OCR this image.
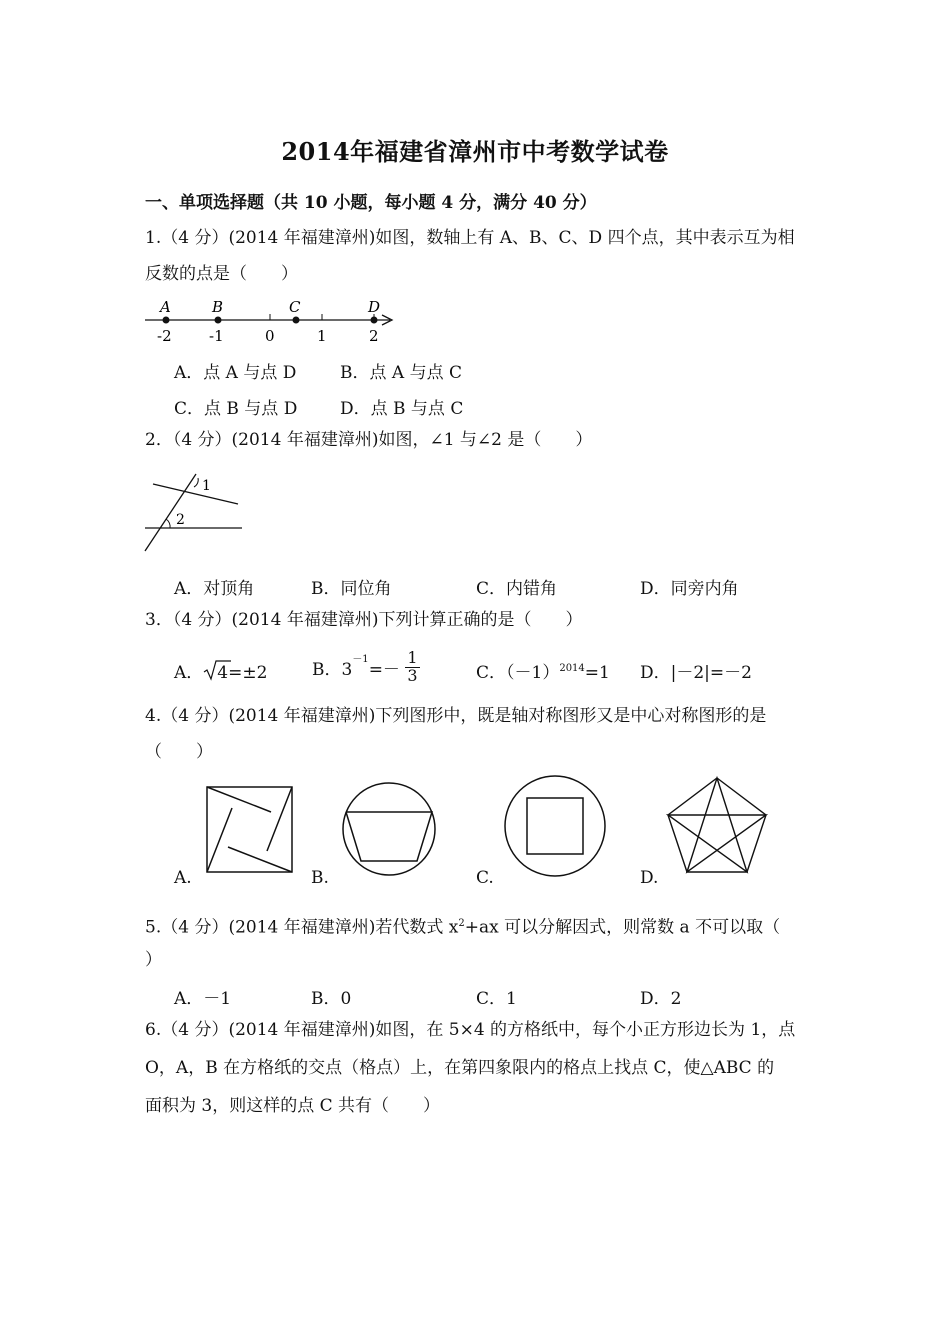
2014年福建省漳州市中考数学试卷
一、单项选择题（共 10 小题，每小题 4 分，满分 40 分）
1.（4 分）(2014 年福建漳州)如图，数轴上有 A、B、C、D 四个点，其中表示互为相
反数的点是（　　）
A	B	C	D
-2 -1	0	1	2
A．点 A 与点 D	B．点 A 与点 C
C．点 B 与点 D	D．点 B 与点 C
2．（4 分）(2014 年福建漳州)如图，∠1 与∠2 是（　　）
1
2
A．对顶角	B．同位角	C．内错角	D．同旁内角
3．（4 分）(2014 年福建漳州)下列计算正确的是（　　）
A． 4=±2	B．$3^{-1}=- \frac{1}{3}$	C．$(-1)^{2014}=1$ D．|－2|=－2
4.（4 分）(2014 年福建漳州)下列图形中，既是轴对称图形又是中心对称图形的是
（　　）
A.	B.	C.	D.
5.（4 分）(2014 年福建漳州)若代数式 $x^2+ax$ 可以分解因式，则常数 a 不可以取（
）
A．－1	B．0	C．1	D．2
6.（4 分）(2014 年福建漳州)如图，在 5×4 的方格纸中，每个小正方形边长为 1，点
O，A，B 在方格纸的交点（格点）上，在第四象限内的格点上找点 C，使△ABC 的
面积为 3，则这样的点 C 共有（　　）
